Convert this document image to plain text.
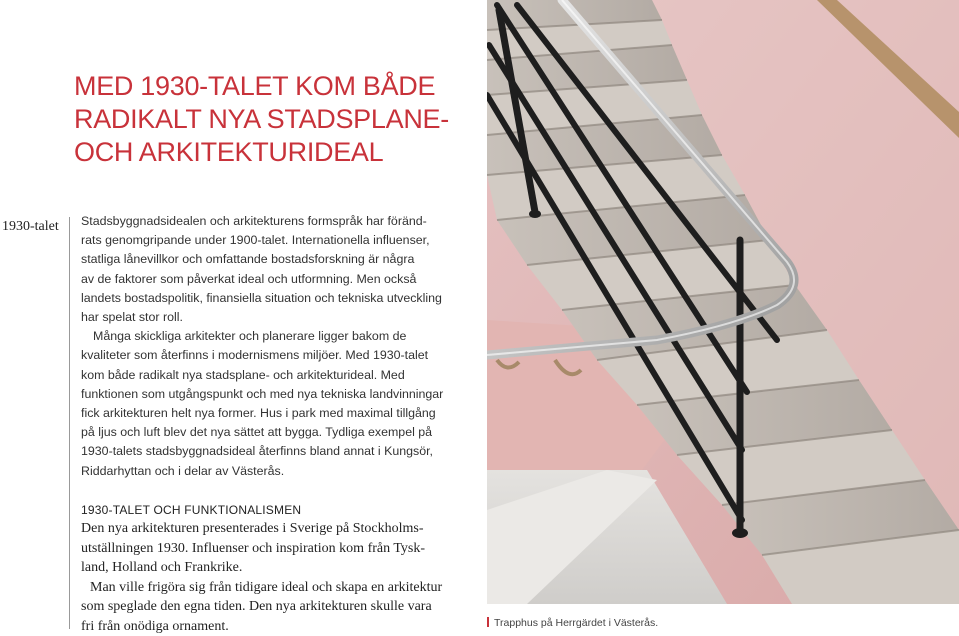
MED 1930-TALET KOM BÅDE
RADIKALT NYA STADSPLANE-
OCH ARKITEKTURIDEAL
1930-talet Stadsbyggnadsidealen och arkitekturens formspråk har föränd-
rats genomgripande under 1900-talet. Internationella influenser,
statliga lånevillkor och omfattande bostadsforskning är några
av de faktorer som påverkat ideal och utformning. Men också
landets bostadspolitik, finansiella situation och tekniska utveckling
har spelat stor roll.
Många skickliga arkitekter och planerare ligger bakom de
kvaliteter som återfinns i modernismens miljöer. Med 1930-talet
kom både radikalt nya stadsplane- och arkitekturideal. Med
funktionen som utgångspunkt och med nya tekniska landvinningar
fick arkitekturen helt nya former. Hus i park med maximal tillgång
på ljus och luft blev det nya sättet att bygga. Tydliga exempel på
1930-talets stadsbyggnadsideal återfinns bland annat i Kungsör,
Riddarhyttan och i delar av Västerås.
1930-TALET OCH FUNKTIONALISMEN
Den nya arkitekturen presenterades i Sverige på Stockholms-
utställningen 1930. Influenser och inspiration kom från Tysk-
land, Holland och Frankrike.
Man ville frigöra sig från tidigare ideal och skapa en arkitektur
som speglade den egna tiden. Den nya arkitekturen skulle vara
fri från onödiga ornament.	Trapphus på Herrgärdet i Västerås.
